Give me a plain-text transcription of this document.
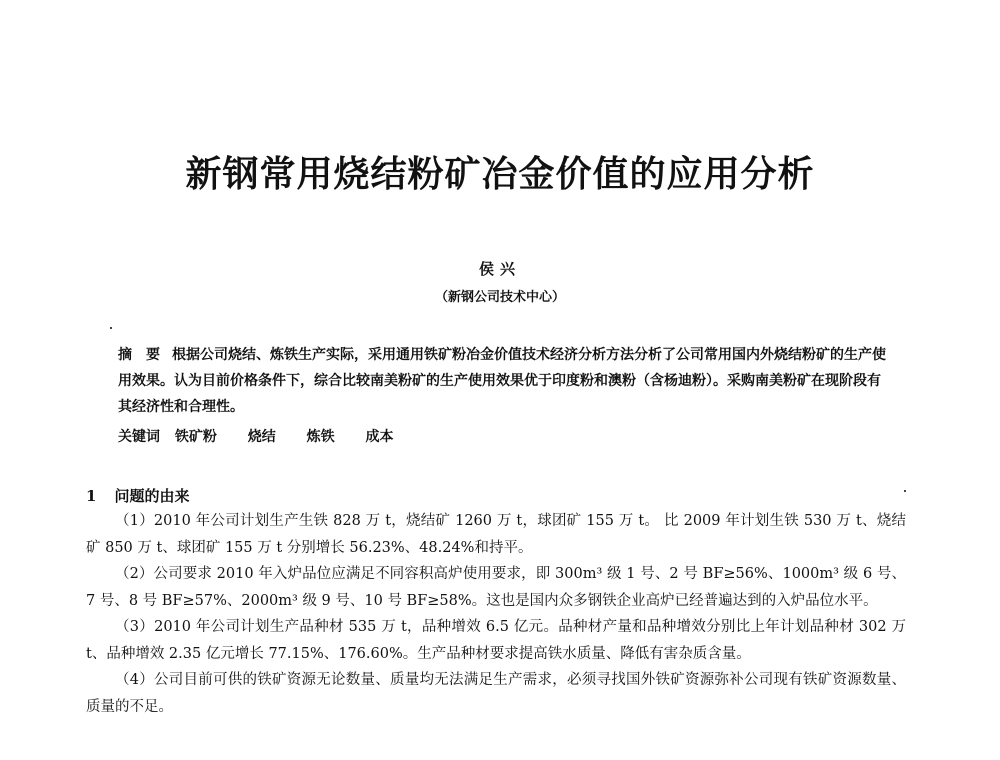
新钢常用烧结粉矿冶金价值的应用分析
侯兴
（新钢公司技术中心）
摘　要 根据公司烧结、炼铁生产实际，采用通用铁矿粉冶金价值技术经济分析方法分析了公司常用国内外烧结粉矿的生产使用效果。认为目前价格条件下，综合比较南美粉矿的生产使用效果优于印度粉和澳粉（含杨迪粉）。采购南美粉矿在现阶段有其经济性和合理性。
关键词 铁矿粉 烧结 炼铁 成本
1 问题的由来

（1）2010 年公司计划生产生铁 828 万 t，烧结矿 1260 万 t，球团矿 155 万 t。 比 2009 年计划生铁 530 万 t、烧结矿 850 万 t、球团矿 155 万 t 分别增长 56.23%、48.24%和持平。

（2）公司要求 2010 年入炉品位应满足不同容积高炉使用要求，即 300m³ 级 1 号、2 号 BF≥56%、1000m³ 级 6 号、7 号、8 号 BF≥57%、2000m³ 级 9 号、10 号 BF≥58%。这也是国内众多钢铁企业高炉已经普遍达到的入炉品位水平。

（3）2010 年公司计划生产品种材 535 万 t，品种增效 6.5 亿元。品种材产量和品种增效分别比上年计划品种材 302 万 t、品种增效 2.35 亿元增长 77.15%、176.60%。生产品种材要求提高铁水质量、降低有害杂质含量。

（4）公司目前可供的铁矿资源无论数量、质量均无法满足生产需求，必须寻找国外铁矿资源弥补公司现有铁矿资源数量、质量的不足。
